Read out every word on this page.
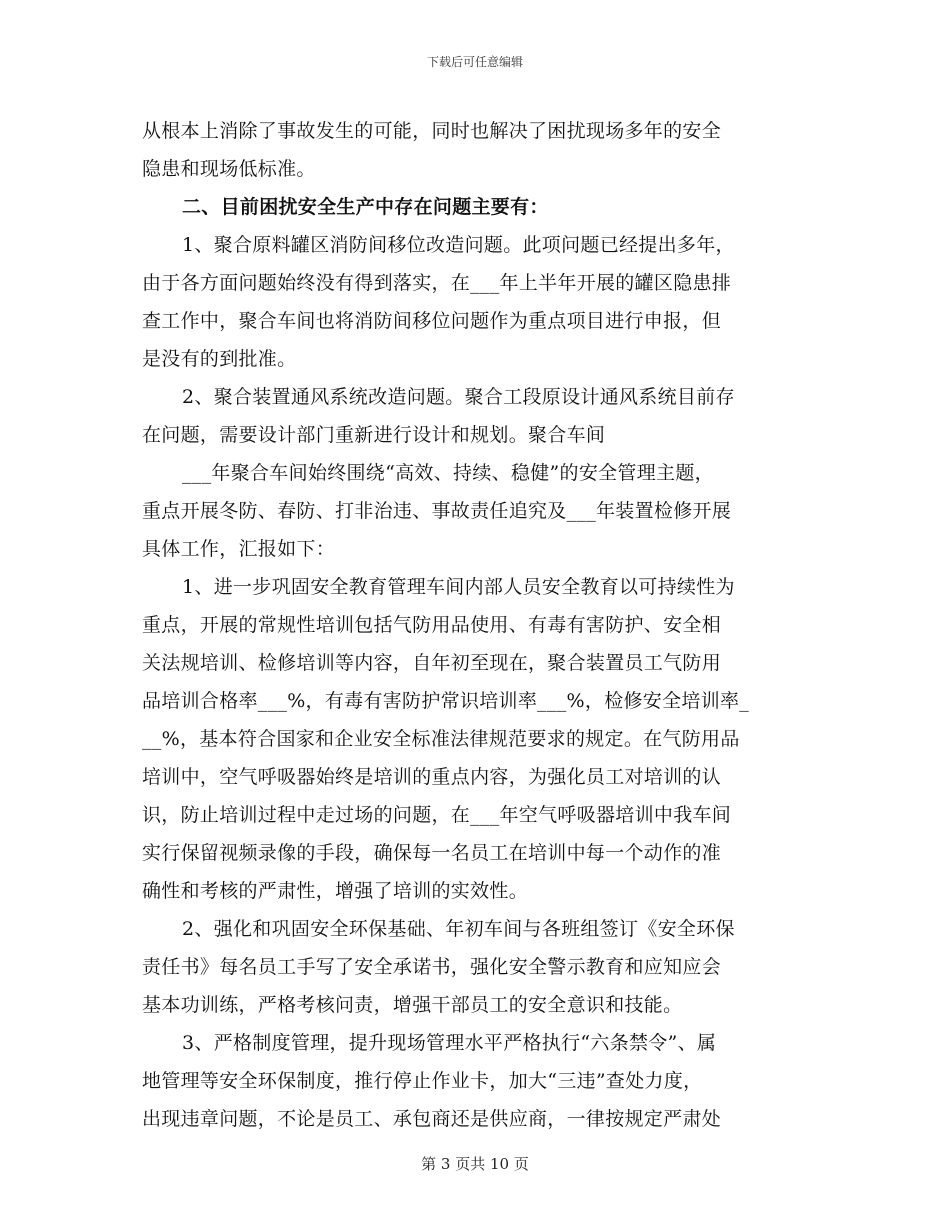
下载后可任意编辑
从根本上消除了事故发生的可能，同时也解决了困扰现场多年的安全
隐患和现场低标准。
二、目前困扰安全生产中存在问题主要有：
1、聚合原料罐区消防间移位改造问题。此项问题已经提出多年，
由于各方面问题始终没有得到落实，在___年上半年开展的罐区隐患排
查工作中，聚合车间也将消防间移位问题作为重点项目进行申报，但
是没有的到批准。
2、聚合装置通风系统改造问题。聚合工段原设计通风系统目前存
在问题，需要设计部门重新进行设计和规划。聚合车间
___年聚合车间始终围绕“高效、持续、稳健”的安全管理主题，
重点开展冬防、春防、打非治违、事故责任追究及___年装置检修开展
具体工作，汇报如下：
1、进一步巩固安全教育管理车间内部人员安全教育以可持续性为
重点，开展的常规性培训包括气防用品使用、有毒有害防护、安全相
关法规培训、检修培训等内容，自年初至现在，聚合装置员工气防用
品培训合格率___%，有毒有害防护常识培训率___%，检修安全培训率_
__%，基本符合国家和企业安全标准法律规范要求的规定。在气防用品
培训中，空气呼吸器始终是培训的重点内容，为强化员工对培训的认
识，防止培训过程中走过场的问题，在___年空气呼吸器培训中我车间
实行保留视频录像的手段，确保每一名员工在培训中每一个动作的准
确性和考核的严肃性，增强了培训的实效性。
2、强化和巩固安全环保基础、年初车间与各班组签订《安全环保
责任书》每名员工手写了安全承诺书，强化安全警示教育和应知应会
基本功训练，严格考核问责，增强干部员工的安全意识和技能。
3、严格制度管理，提升现场管理水平严格执行“六条禁令”、属
地管理等安全环保制度，推行停止作业卡，加大“三违”查处力度，
出现违章问题，不论是员工、承包商还是供应商，一律按规定严肃处
第 3 页共 10 页
